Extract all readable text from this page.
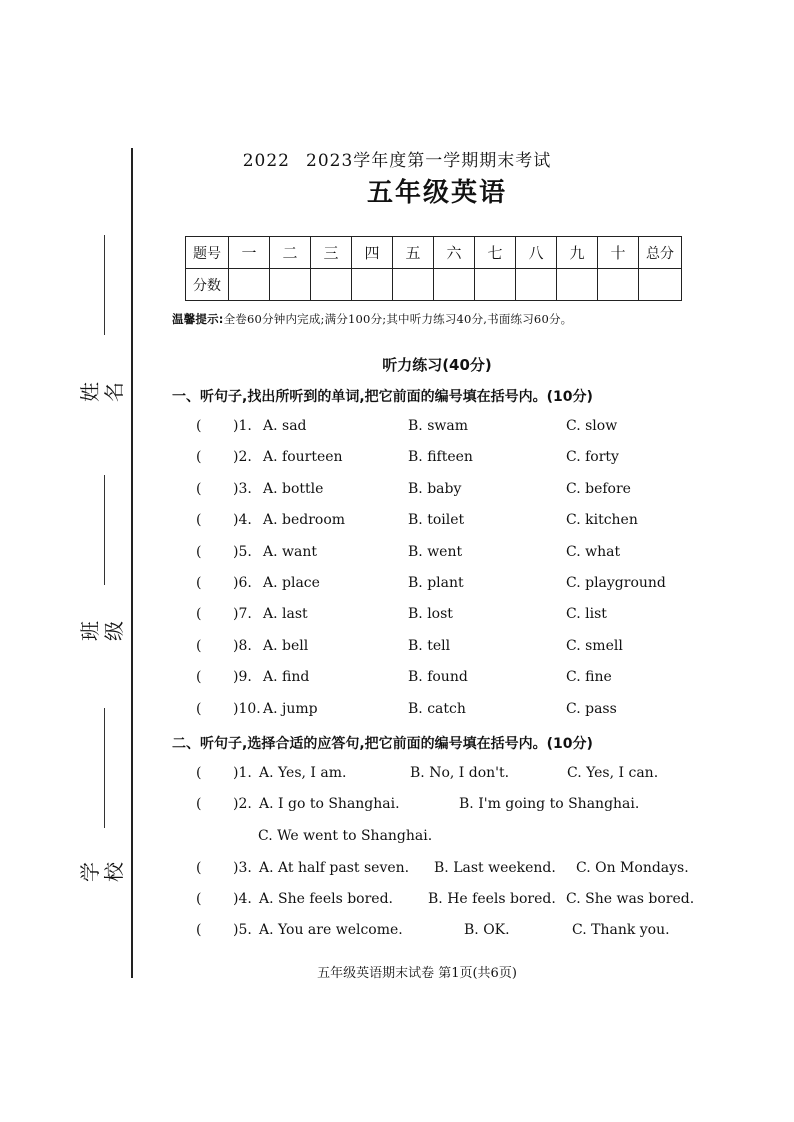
姓名
班级
学校
2022 2023学年度第一学期期末考试
五年级英语
题号	一	二	三	四	五	六	七	八	九	十	总分
分数											
温馨提示:全卷60分钟内完成;满分100分;其中听力练习40分,书面练习60分。
听力练习(40分)
一、听句子,找出所听到的单词,把它前面的编号填在括号内。(10分)
( )1. A. sad	B. swam	C. slow
( )2. A. fourteen	B. fifteen	C. forty
( )3. A. bottle	B. baby	C. before
( )4. A. bedroom	B. toilet	C. kitchen
( )5. A. want	B. went	C. what
( )6. A. place	B. plant	C. playground
( )7. A. last	B. lost	C. list
( )8. A. bell	B. tell	C. smell
( )9. A. find	B. found	C. fine
( )10. A. jump	B. catch	C. pass
二、听句子,选择合适的应答句,把它前面的编号填在括号内。(10分)
( )1. A. Yes, I am.	B. No, I don't.	C. Yes, I can.
( )2. A. I go to Shanghai.	B. I'm going to Shanghai.
C. We went to Shanghai.
( )3. A. At half past seven. B. Last weekend. C. On Mondays.
( )4. A. She feels bored.	B. He feels bored. C. She was bored.
( )5. A. You are welcome.	B. OK.	C. Thank you.
五年级英语期末试卷 第1页(共6页)
